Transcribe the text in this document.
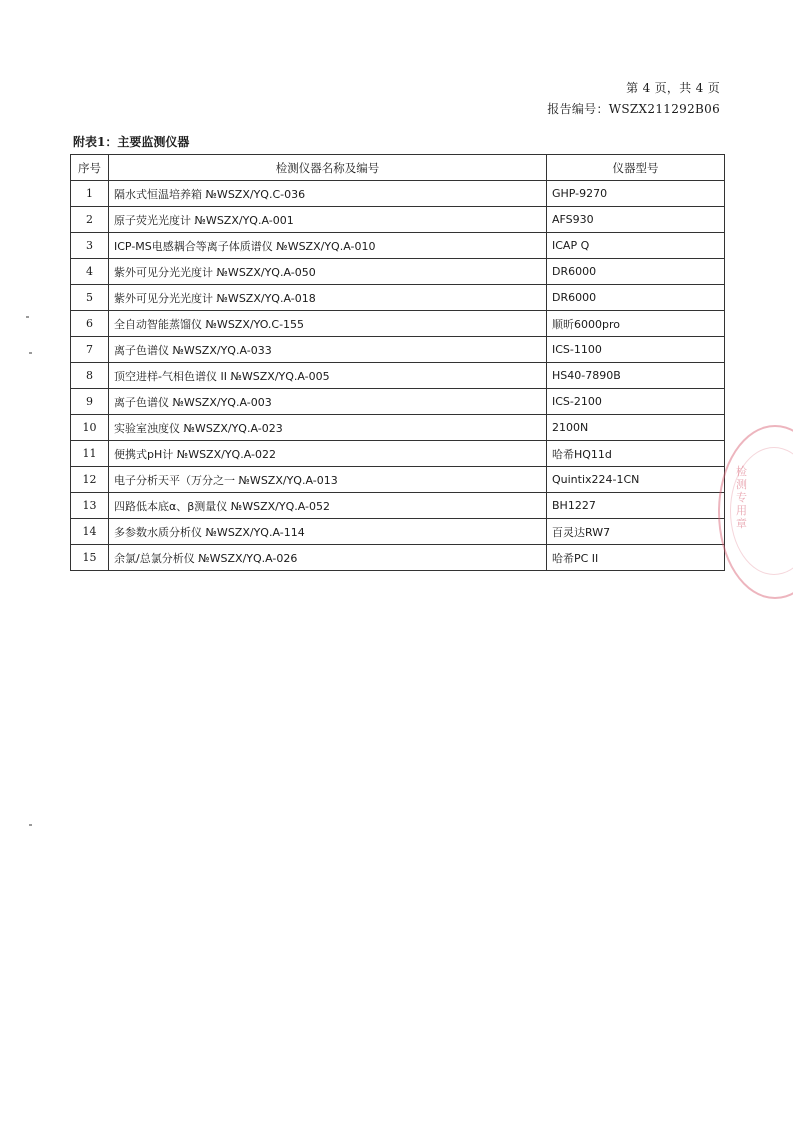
第 4 页，共 4 页
报告编号：WSZX211292B06
附表1：主要监测仪器
序号	检测仪器名称及编号	仪器型号
1	隔水式恒温培养箱 №WSZX/YQ.C-036	GHP-9270
2	原子荧光光度计 №WSZX/YQ.A-001	AFS930
3	ICP-MS电感耦合等离子体质谱仪 №WSZX/YQ.A-010	ICAP Q
4	紫外可见分光光度计 №WSZX/YQ.A-050	DR6000
5	紫外可见分光光度计 №WSZX/YQ.A-018	DR6000
6	全自动智能蒸馏仪 №WSZX/YO.C-155	顺昕6000pro
7	离子色谱仪 №WSZX/YQ.A-033	ICS-1100
8	顶空进样-气相色谱仪 II №WSZX/YQ.A-005	HS40-7890B
9	离子色谱仪 №WSZX/YQ.A-003	ICS-2100
10	实验室浊度仪 №WSZX/YQ.A-023	2100N
11	便携式pH计 №WSZX/YQ.A-022	哈希HQ11d
12	电子分析天平（万分之一 №WSZX/YQ.A-013	Quintix224-1CN
13	四路低本底α、β测量仪 №WSZX/YQ.A-052	BH1227
14	多参数水质分析仪 №WSZX/YQ.A-114	百灵达RW7
15	余氯/总氯分析仪 №WSZX/YQ.A-026	哈希PC II
检测专用章
